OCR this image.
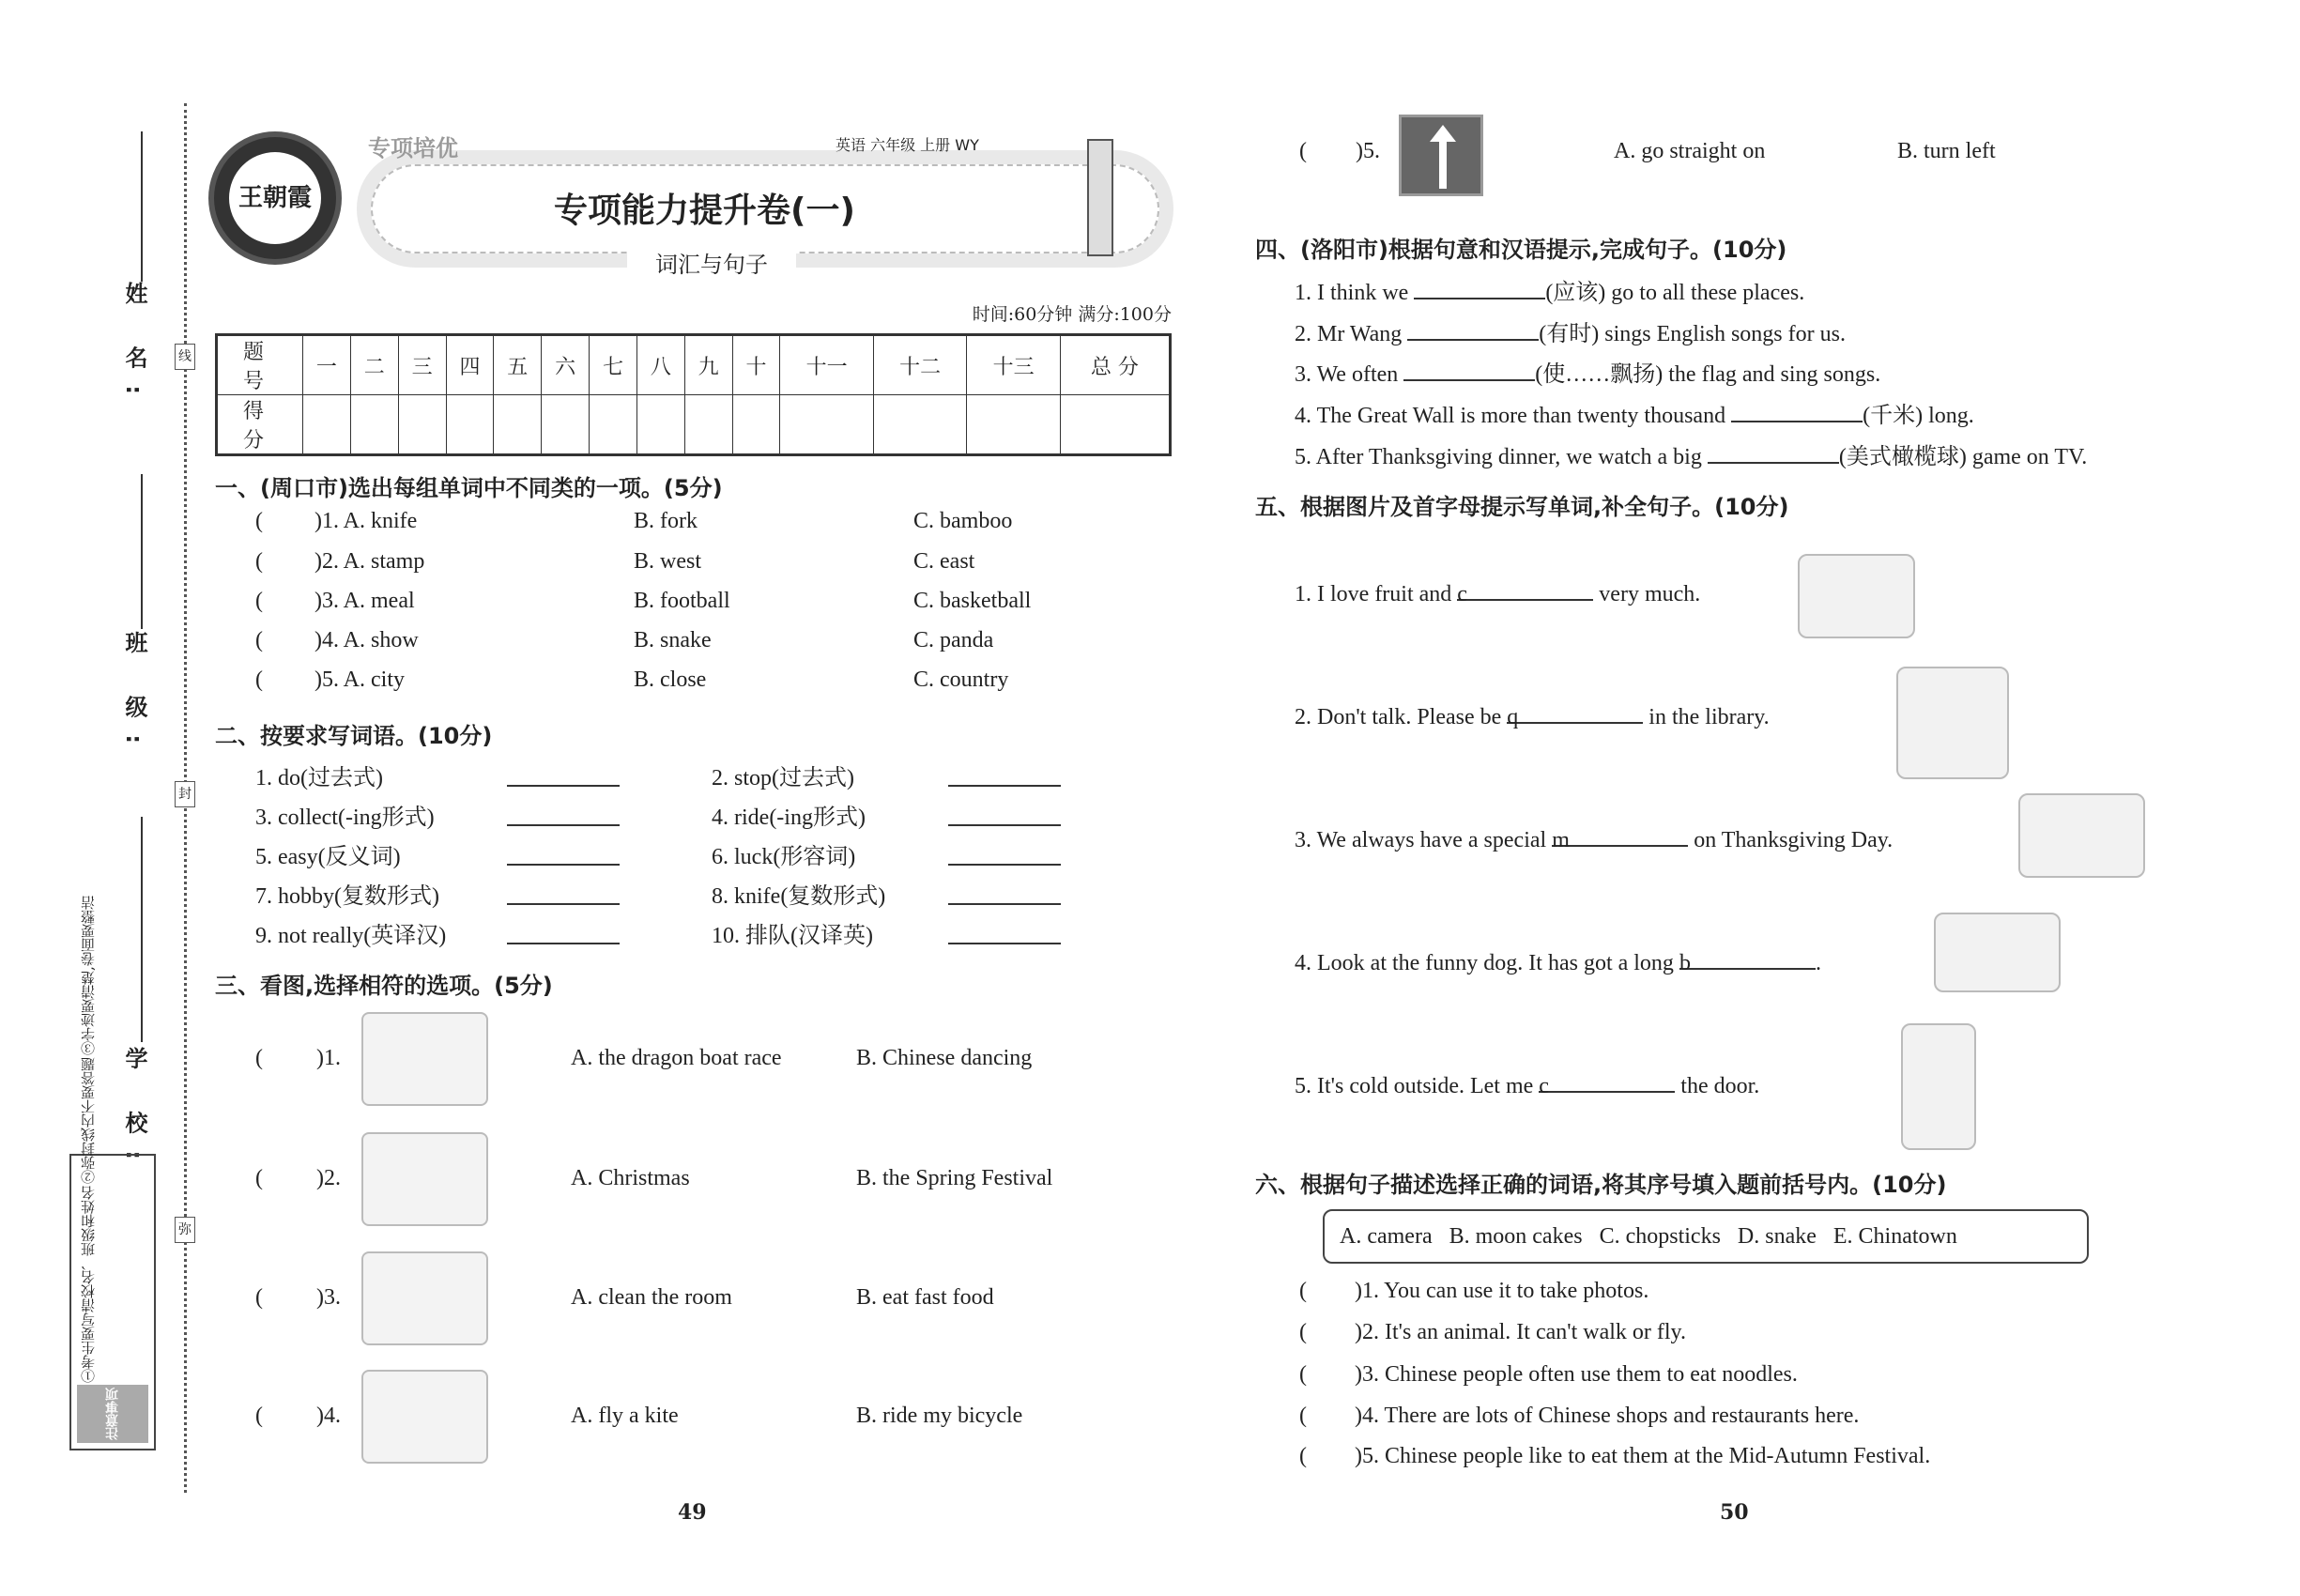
线
封
弥
姓 名:
班 级:
学 校:
①考生要写清校名、班级和姓名
②弥封线内不要答题
③字迹要清楚,卷面要整洁
注意事项
王朝霞
专项培优	英语 六年级 上册 WY
专项能力提升卷(一)
词汇与句子
时间:60分钟 满分:100分
题 号	一	二	三	四	五	六	七	八	九	十	十一	十二	十三	总 分
得 分														
一、(周口市)选出每组单词中不同类的一项。(5分)
二、按要求写词语。(10分)
三、看图,选择相符的选项。(5分)
49	50
( )5.	A. go straight on	B. turn left
四、(洛阳市)根据句意和汉语提示,完成句子。(10分)
五、根据图片及首字母提示写单词,补全句子。(10分)
六、根据句子描述选择正确的词语,将其序号填入题前括号内。(10分)
A. camera   B. moon cakes   C. chopsticks   D. snake   E. Chinatown
( )1. A. knife	B. fork	C. bamboo
( )2. A. stamp	B. west	C. east
( )3. A. meal	B. football	C. basketball
( )4. A. show	B. snake	C. panda
( )5. A. city	B. close	C. country
1. do(过去式)	2. stop(过去式)
3. collect(-ing形式)	4. ride(-ing形式)
5. easy(反义词)	6. luck(形容词)
7. hobby(复数形式)	8. knife(复数形式)
9. not really(英译汉)	10. 排队(汉译英)
( )1.	A. the dragon boat race	B. Chinese dancing
( )2.	A. Christmas	B. the Spring Festival
( )3.	A. clean the room	B. eat fast food
( )4.	A. fly a kite	B. ride my bicycle
1. I think we	(应该) go to all these places.
2. Mr Wang	(有时) sings English songs for us.
3. We often	(使……飘扬) the flag and sing songs.
4. The Great Wall is more than twenty thousand	(千米) long.
5. After Thanksgiving dinner, we watch a big	(美式橄榄球) game on TV.
1. I love fruit and c	very much.
2. Don't talk. Please be q	in the library.
3. We always have a special m	on Thanksgiving Day.
4. Look at the funny dog. It has got a long b	.
5. It's cold outside. Let me c	the door.
( )1. You can use it to take photos.
( )2. It's an animal. It can't walk or fly.
( )3. Chinese people often use them to eat noodles.
( )4. There are lots of Chinese shops and restaurants here.
( )5. Chinese people like to eat them at the Mid-Autumn Festival.
